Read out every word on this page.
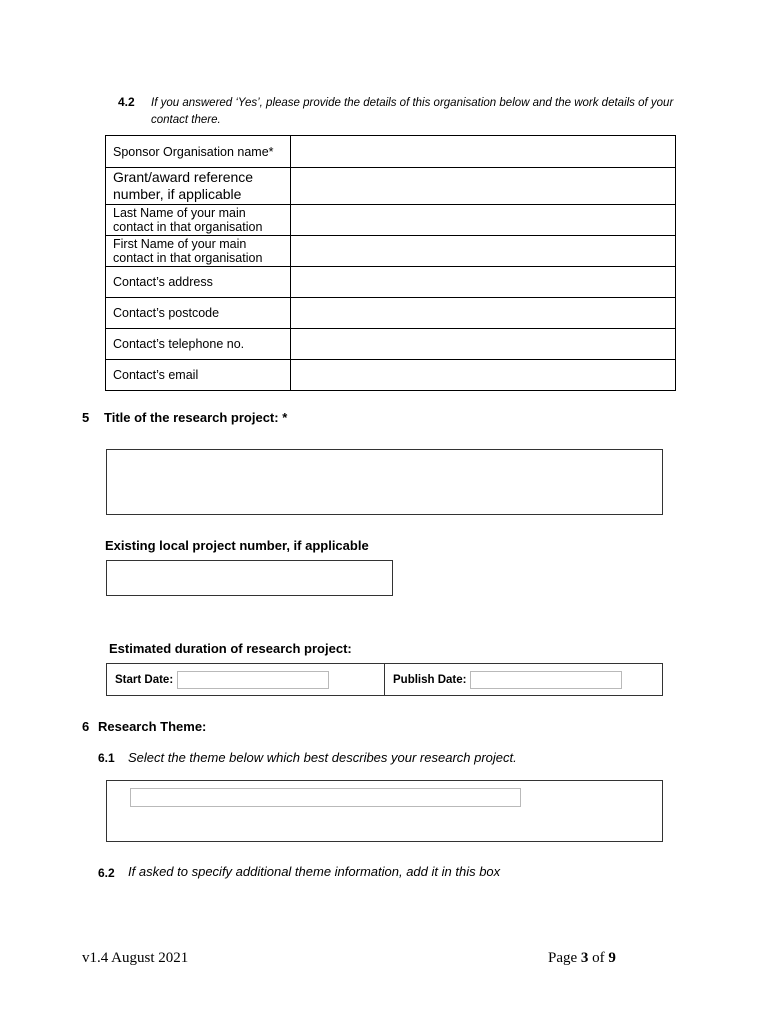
4.2 If you answered ‘Yes’, please provide the details of this organisation below and the work details of your contact there.
Sponsor Organisation name*	
Grant/award reference number, if applicable	
Last Name of your main contact in that organisation	
First Name of your main contact in that organisation	
Contact’s address	
Contact’s postcode	
Contact’s telephone no.	
Contact’s email	
5 Title of the research project: *
Existing local project number, if applicable
Estimated duration of research project:
Start Date:	Publish Date:
6 Research Theme:
6.1 Select the theme below which best describes your research project.
6.2 If asked to specify additional theme information, add it in this box
v1.4 August 2021	Page 3 of 9
